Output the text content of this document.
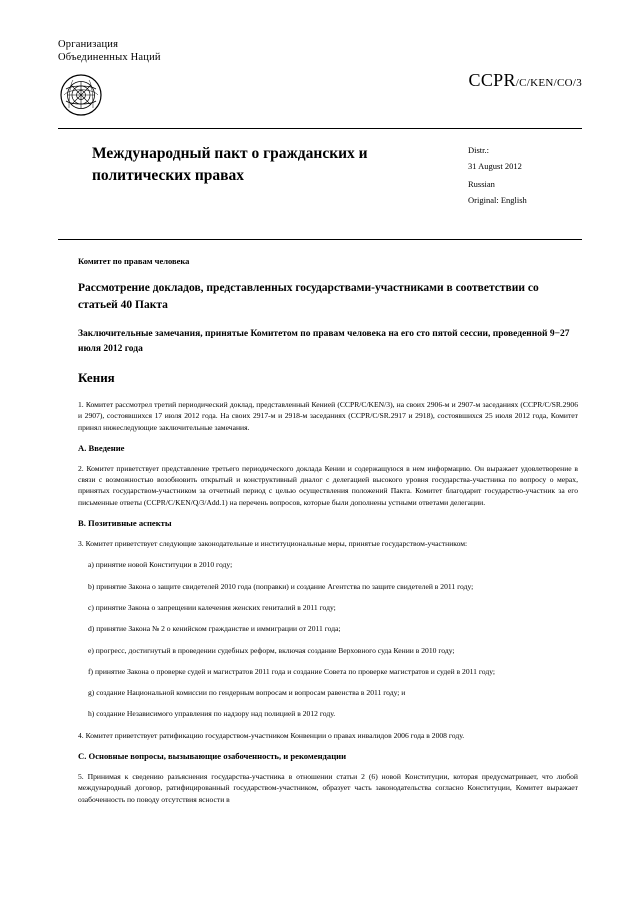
Организация
Объединенных Наций
CCPR/C/KEN/CO/3
Международный пакт о гражданских и
политических правах
Distr.:
31 August 2012
Russian
Original: English
Комитет по правам человека
Рассмотрение докладов, представленных государствами-участниками в соответствии со статьей 40 Пакта
Заключительные замечания, принятые Комитетом по правам человека на его сто пятой сессии, проведенной 9−27 июля 2012 года
Кения

1. Комитет рассмотрел третий периодический доклад, представленный Кенией (CCPR/C/KEN/3), на своих 2906-м и 2907-м заседаниях (CCPR/C/SR.2906 и 2907), состоявшихся 17 июля 2012 года. На своих 2917-м и 2918-м заседаниях (CCPR/C/SR.2917 и 2918), состоявшихся 25 июля 2012 года, Комитет принял нижеследующие заключительные замечания.

A. Введение

2. Комитет приветствует представление третьего периодического доклада Кении и содержащуюся в нем информацию. Он выражает удовлетворение в связи с возможностью возобновить открытый и конструктивный диалог с делегацией высокого уровня государства-участника по вопросу о мерах, принятых государством-участником за отчетный период с целью осуществления положений Пакта. Комитет благодарит государство-участник за его письменные ответы (CCPR/C/KEN/Q/3/Add.1) на перечень вопросов, которые были дополнены устными ответами делегации.

B. Позитивные аспекты

3. Комитет приветствует следующие законодательные и институциональные меры, принятые государством-участником:

a) принятие новой Конституции в 2010 году;

b) принятие Закона о защите свидетелей 2010 года (поправки) и создание Агентства по защите свидетелей в 2011 году;

c) принятие Закона о запрещении калечения женских гениталий в 2011 году;

d) принятие Закона № 2 о кенийском гражданстве и иммиграции от 2011 года;

e) прогресс, достигнутый в проведении судебных реформ, включая создание Верховного суда Кении в 2010 году;

f) принятие Закона о проверке судей и магистратов 2011 года и создание Совета по проверке магистратов и судей в 2011 году;

g) создание Национальной комиссии по гендерным вопросам и вопросам равенства в 2011 году; и

h) создание Независимого управления по надзору над полицией в 2012 году.

4. Комитет приветствует ратификацию государством-участником Конвенции о правах инвалидов 2006 года в 2008 году.

C. Основные вопросы, вызывающие озабоченность, и рекомендации

5. Принимая к сведению разъяснения государства-участника в отношении статьи 2 (6) новой Конституции, которая предусматривает, что любой международный договор, ратифицированный государством-участником, образует часть законодательства согласно Конституции, Комитет выражает озабоченность по поводу отсутствия ясности в
